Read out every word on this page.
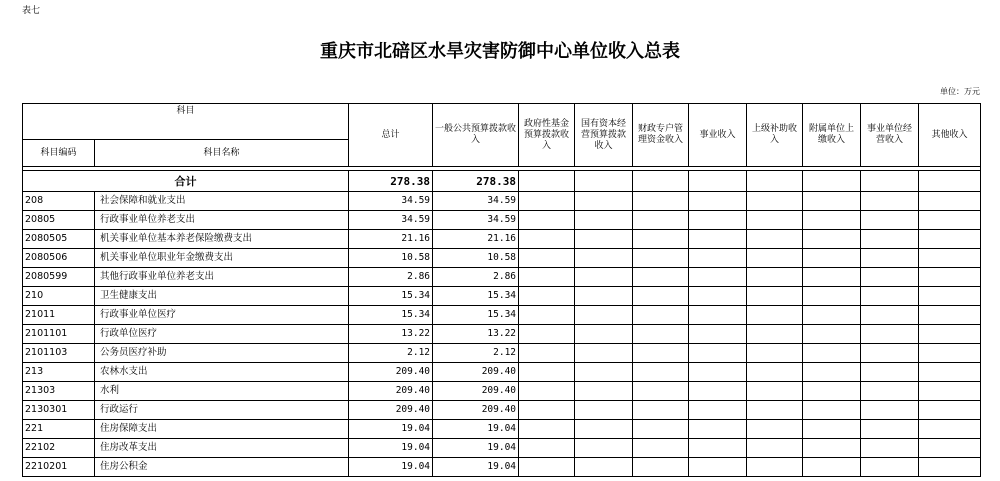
表七
重庆市北碚区水旱灾害防御中心单位收入总表
单位：万元
科目		总计	一般公共预算拨款收入	政府性基金预算拨款收入	国有资本经营预算拨款收入	财政专户管理资金收入	事业收入	上级补助收入	附属单位上缴收入	事业单位经营收入	其他收入
科目编码	科目名称										

合计		278.38	278.38								
208	社会保障和就业支出	34.59	34.59								
20805	行政事业单位养老支出	34.59	34.59								
2080505	机关事业单位基本养老保险缴费支出	21.16	21.16								
2080506	机关事业单位职业年金缴费支出	10.58	10.58								
2080599	其他行政事业单位养老支出	2.86	2.86								
210	卫生健康支出	15.34	15.34								
21011	行政事业单位医疗	15.34	15.34								
2101101	行政单位医疗	13.22	13.22								
2101103	公务员医疗补助	2.12	2.12								
213	农林水支出	209.40	209.40								
21303	水利	209.40	209.40								
2130301	行政运行	209.40	209.40								
221	住房保障支出	19.04	19.04								
22102	住房改革支出	19.04	19.04								
2210201	住房公积金	19.04	19.04								
